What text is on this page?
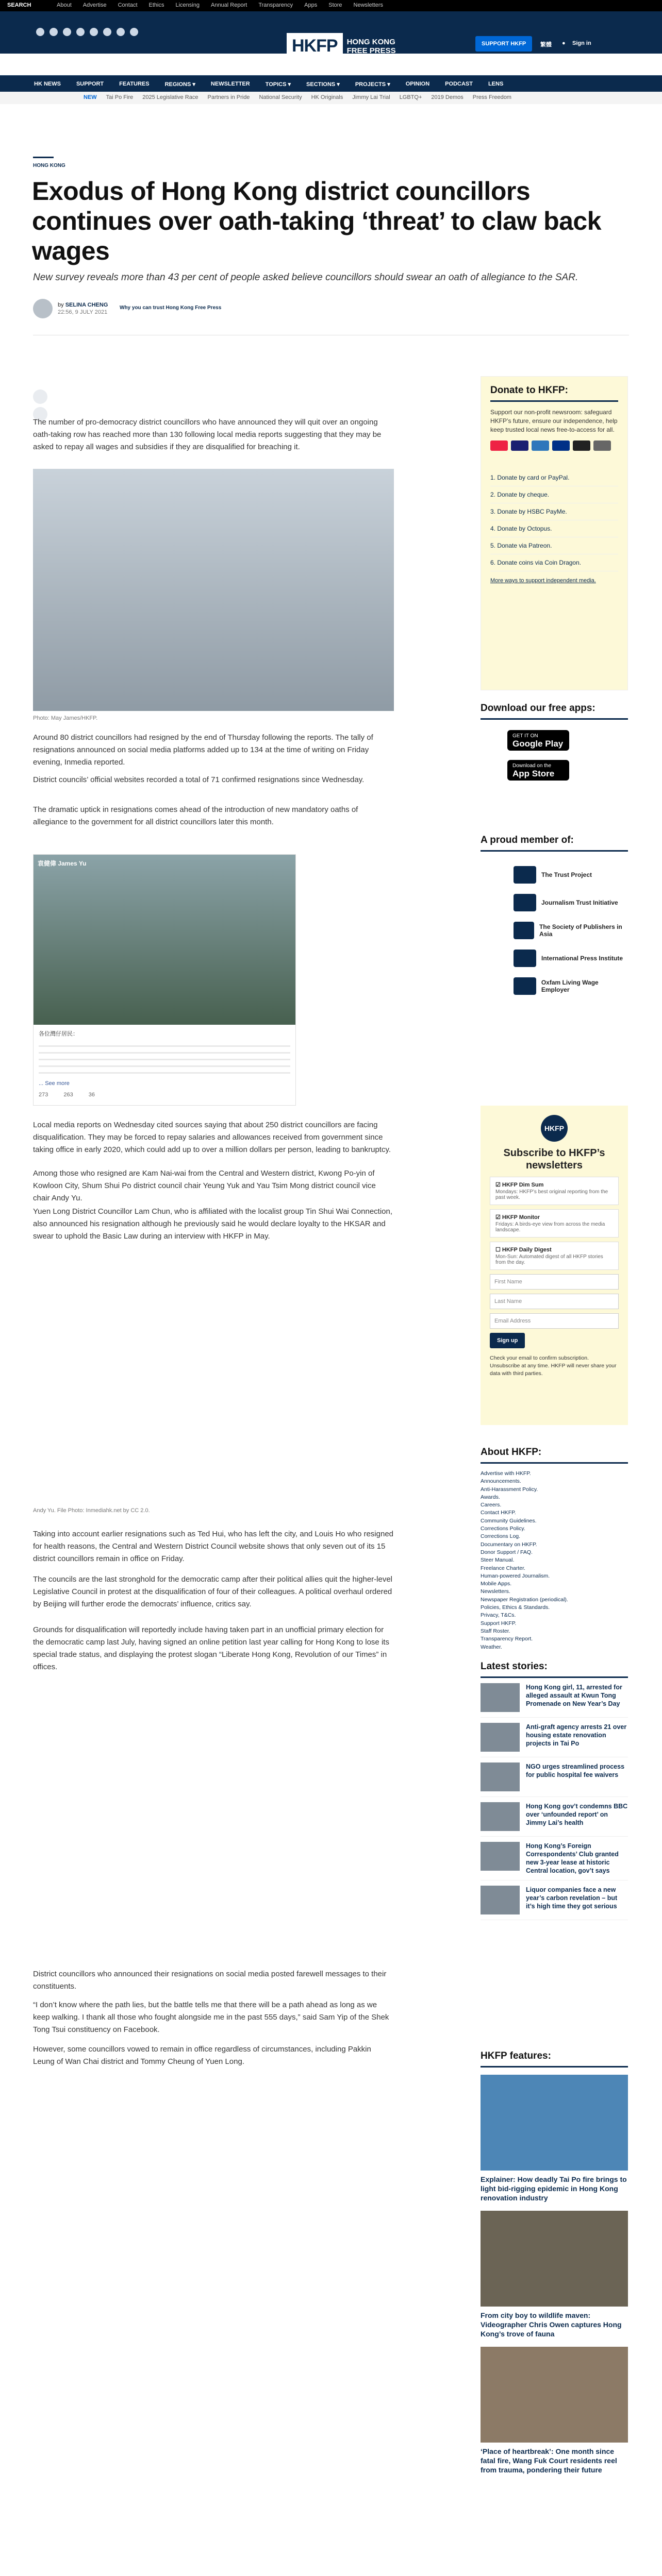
SEARCH	About Advertise Contact Ethics Licensing Annual Report Transparency Apps Store Newsletters
HKFP	HONG KONG FREE PRESS
SUPPORT HKFP	繁體 ● Sign in
HK NEWS	SUPPORT	FEATURES	REGIONS ▾	NEWSLETTER	TOPICS ▾	SECTIONS ▾	PROJECTS ▾	OPINION	PODCAST	LENS
NEW Tai Po Fire 2025 Legislative Race Partners in Pride National Security HK Originals Jimmy Lai Trial LGBTQ+ 2019 Demos Press Freedom
HONG KONG
Exodus of Hong Kong district councillors continues over oath-taking ‘threat’ to claw back wages

New survey reveals more than 43 per cent of people asked believe councillors should swear an oath of allegiance to the SAR.

by SELINA CHENG
22:56, 9 JULY 2021
Why you can trust Hong Kong Free Press

The number of pro-democracy district councillors who have announced they will quit over an ongoing oath-taking row has reached more than 130 following local media reports suggesting that they may be asked to repay all wages and subsidies if they are disqualified for breaching it.

Photo: May James/HKFP.

Around 80 district councillors had resigned by the end of Thursday following the reports. The tally of resignations announced on social media platforms added up to 134 at the time of writing on Friday evening, Inmedia reported.

District councils’ official websites recorded a total of 71 confirmed resignations since Wednesday.

The dramatic uptick in resignations comes ahead of the introduction of new mandatory oaths of allegiance to the government for all district councillors later this month.

袁健偉 James Yu
各位灣仔居民：
... See more
273	263	36

Local media reports on Wednesday cited sources saying that about 250 district councillors are facing disqualification. They may be forced to repay salaries and allowances received from government since taking office in early 2020, which could add up to over a million dollars per person, leading to bankruptcy.

Among those who resigned are Kam Nai-wai from the Central and Western district, Kwong Po-yin of Kowloon City, Shum Shui Po district council chair Yeung Yuk and Yau Tsim Mong district council vice chair Andy Yu.

Yuen Long District Councillor Lam Chun, who is affiliated with the localist group Tin Shui Wai Connection, also announced his resignation although he previously said he would declare loyalty to the HKSAR and swear to uphold the Basic Law during an interview with HKFP in May.

Andy Yu. File Photo: Inmediahk.net by CC 2.0.

Taking into account earlier resignations such as Ted Hui, who has left the city, and Louis Ho who resigned for health reasons, the Central and Western District Council website shows that only seven out of its 15 district councillors remain in office on Friday.

The councils are the last stronghold for the democratic camp after their political allies quit the higher-level Legislative Council in protest at the disqualification of four of their colleagues. A political overhaul ordered by Beijing will further erode the democrats’ influence, critics say.

Grounds for disqualification will reportedly include having taken part in an unofficial primary election for the democratic camp last July, having signed an online petition last year calling for Hong Kong to lose its special trade status, and displaying the protest slogan “Liberate Hong Kong, Revolution of our Times” in offices.

District councillors who announced their resignations on social media posted farewell messages to their constituents.

“I don’t know where the path lies, but the battle tells me that there will be a path ahead as long as we keep walking. I thank all those who fought alongside me in the past 555 days,” said Sam Yip of the Shek Tong Tsui constituency on Facebook.

However, some councillors vowed to remain in office regardless of circumstances, including Pakkin Leung of Wan Chai district and Tommy Cheung of Yuen Long.

Donate to HKFP:

Support our non-profit newsroom: safeguard HKFP’s future, ensure our independence, help keep trusted local news free-to-access for all.

1. Donate by card or PayPal.
2. Donate by cheque.
3. Donate by HSBC PayMe.
4. Donate by Octopus.
5. Donate via Patreon.
6. Donate coins via Coin Dragon.
More ways to support independent media.
Download our free apps:
GET IT ON
Google Play

Download on the
App Store
A proud member of:
The Trust Project
Journalism Trust Initiative
The Society of Publishers in Asia
International Press Institute
Oxfam Living Wage Employer
HKFP
Subscribe to HKFP’s newsletters
☑ HKFP Dim Sum
Mondays: HKFP’s best original reporting from the past week.
☑ HKFP Monitor
Fridays: A birds-eye view from across the media landscape.
☐ HKFP Daily Digest
Mon-Sun: Automated digest of all HKFP stories from the day.
First Name
Last Name
Email Address
Sign up

Check your email to confirm subscription. Unsubscribe at any time. HKFP will never share your data with third parties.

About HKFP:
Advertise with HKFP.
Announcements.
Anti-Harassment Policy.
Awards.
Careers.
Contact HKFP.
Community Guidelines.
Corrections Policy.
Corrections Log.
Documentary on HKFP.
Donor Support / FAQ.
Steer Manual.
Freelance Charter.
Human-powered Journalism.
Mobile Apps.
Newsletters.
Newspaper Registration (periodical).
Policies, Ethics & Standards.
Privacy, T&Cs.
Support HKFP.
Staff Roster.
Transparency Report.
Weather.
Latest stories:
Hong Kong girl, 11, arrested for alleged assault at Kwun Tong Promenade on New Year’s Day
Anti-graft agency arrests 21 over housing estate renovation projects in Tai Po
NGO urges streamlined process for public hospital fee waivers
Hong Kong gov’t condemns BBC over ‘unfounded report’ on Jimmy Lai’s health
Hong Kong’s Foreign Correspondents’ Club granted new 3-year lease at historic Central location, gov’t says
Liquor companies face a new year’s carbon revelation – but it’s high time they got serious
HKFP features:
Explainer: How deadly Tai Po fire brings to light bid-rigging epidemic in Hong Kong renovation industry
From city boy to wildlife maven: Videographer Chris Owen captures Hong Kong’s trove of fauna
‘Place of heartbreak’: One month since fatal fire, Wang Fuk Court residents reel from trauma, pondering their future
